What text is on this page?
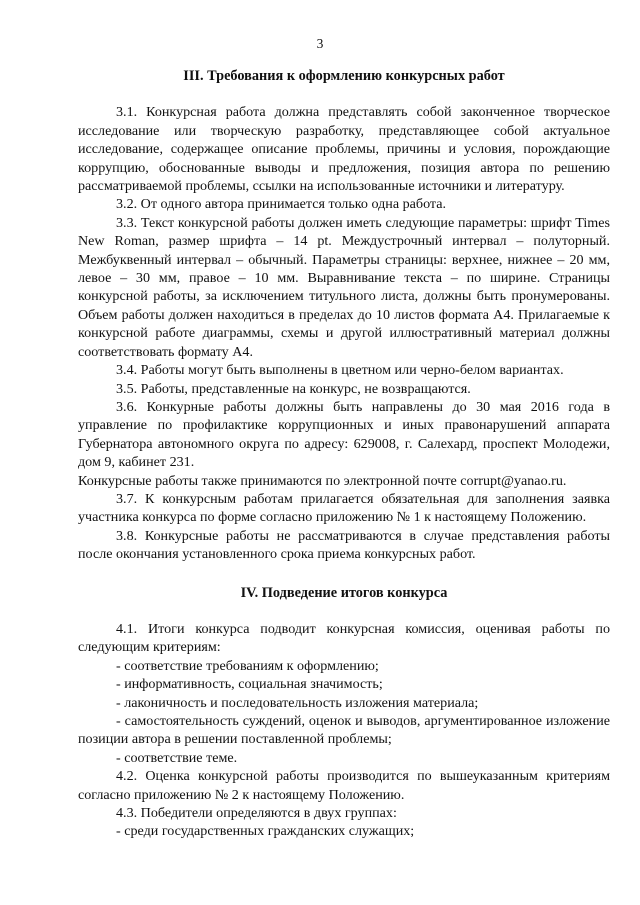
3
III. Требования к оформлению конкурсных работ

3.1. Конкурсная работа должна представлять собой законченное творческое исследование или творческую разработку, представляющее собой актуальное исследование, содержащее описание проблемы, причины и условия, порождающие коррупцию, обоснованные выводы и предложения, позиция автора по решению рассматриваемой проблемы, ссылки на использованные источники и литературу.

3.2. От одного автора принимается только одна работа.

3.3. Текст конкурсной работы должен иметь следующие параметры: шрифт Times New Roman, размер шрифта – 14 pt. Междустрочный интервал – полуторный. Межбуквенный интервал – обычный. Параметры страницы: верхнее, нижнее – 20 мм, левое – 30 мм, правое – 10 мм. Выравнивание текста – по ширине. Страницы конкурсной работы, за исключением титульного листа, должны быть пронумерованы. Объем работы должен находиться в пределах до 10 листов формата А4. Прилагаемые к конкурсной работе диаграммы, схемы и другой иллюстративный материал должны соответствовать формату А4.

3.4. Работы могут быть выполнены в цветном или черно-белом вариантах.

3.5. Работы, представленные на конкурс, не возвращаются.

3.6. Конкурные работы должны быть направлены до 30 мая 2016 года в управление по профилактике коррупционных и иных правонарушений аппарата Губернатора автономного округа по адресу: 629008, г. Салехард, проспект Молодежи, дом 9, кабинет 231.

Конкурсные работы также принимаются по электронной почте corrupt@yanao.ru.

3.7. К конкурсным работам прилагается обязательная для заполнения заявка участника конкурса по форме согласно приложению № 1 к настоящему Положению.

3.8. Конкурсные работы не рассматриваются в случае представления работы после окончания установленного срока приема конкурсных работ.

IV. Подведение итогов конкурса

4.1. Итоги конкурса подводит конкурсная комиссия, оценивая работы по следующим критериям:

- соответствие требованиям к оформлению;

- информативность, социальная значимость;

- лаконичность и последовательность изложения материала;

- самостоятельность суждений, оценок и выводов, аргументированное изложение позиции автора в решении поставленной проблемы;

- соответствие теме.

4.2. Оценка конкурсной работы производится по вышеуказанным критериям согласно приложению № 2 к настоящему Положению.

4.3. Победители определяются в двух группах:

- среди государственных гражданских служащих;
